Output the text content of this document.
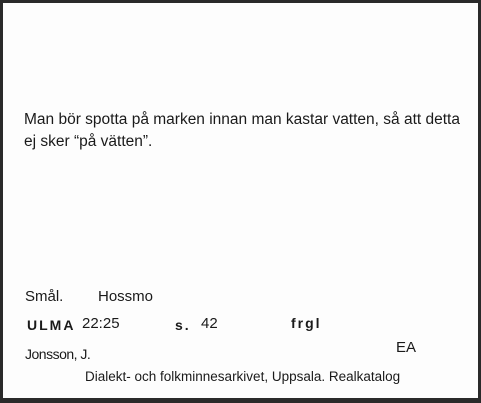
Man bör spotta på marken innan man kastar vatten, så att detta
ej sker “på vätten”.

Smål. Hossmo
ULMA 22:25	s. 42	frgl
Jonsson, J.	EA
Dialekt- och folkminnesarkivet, Uppsala. Realkatalog
